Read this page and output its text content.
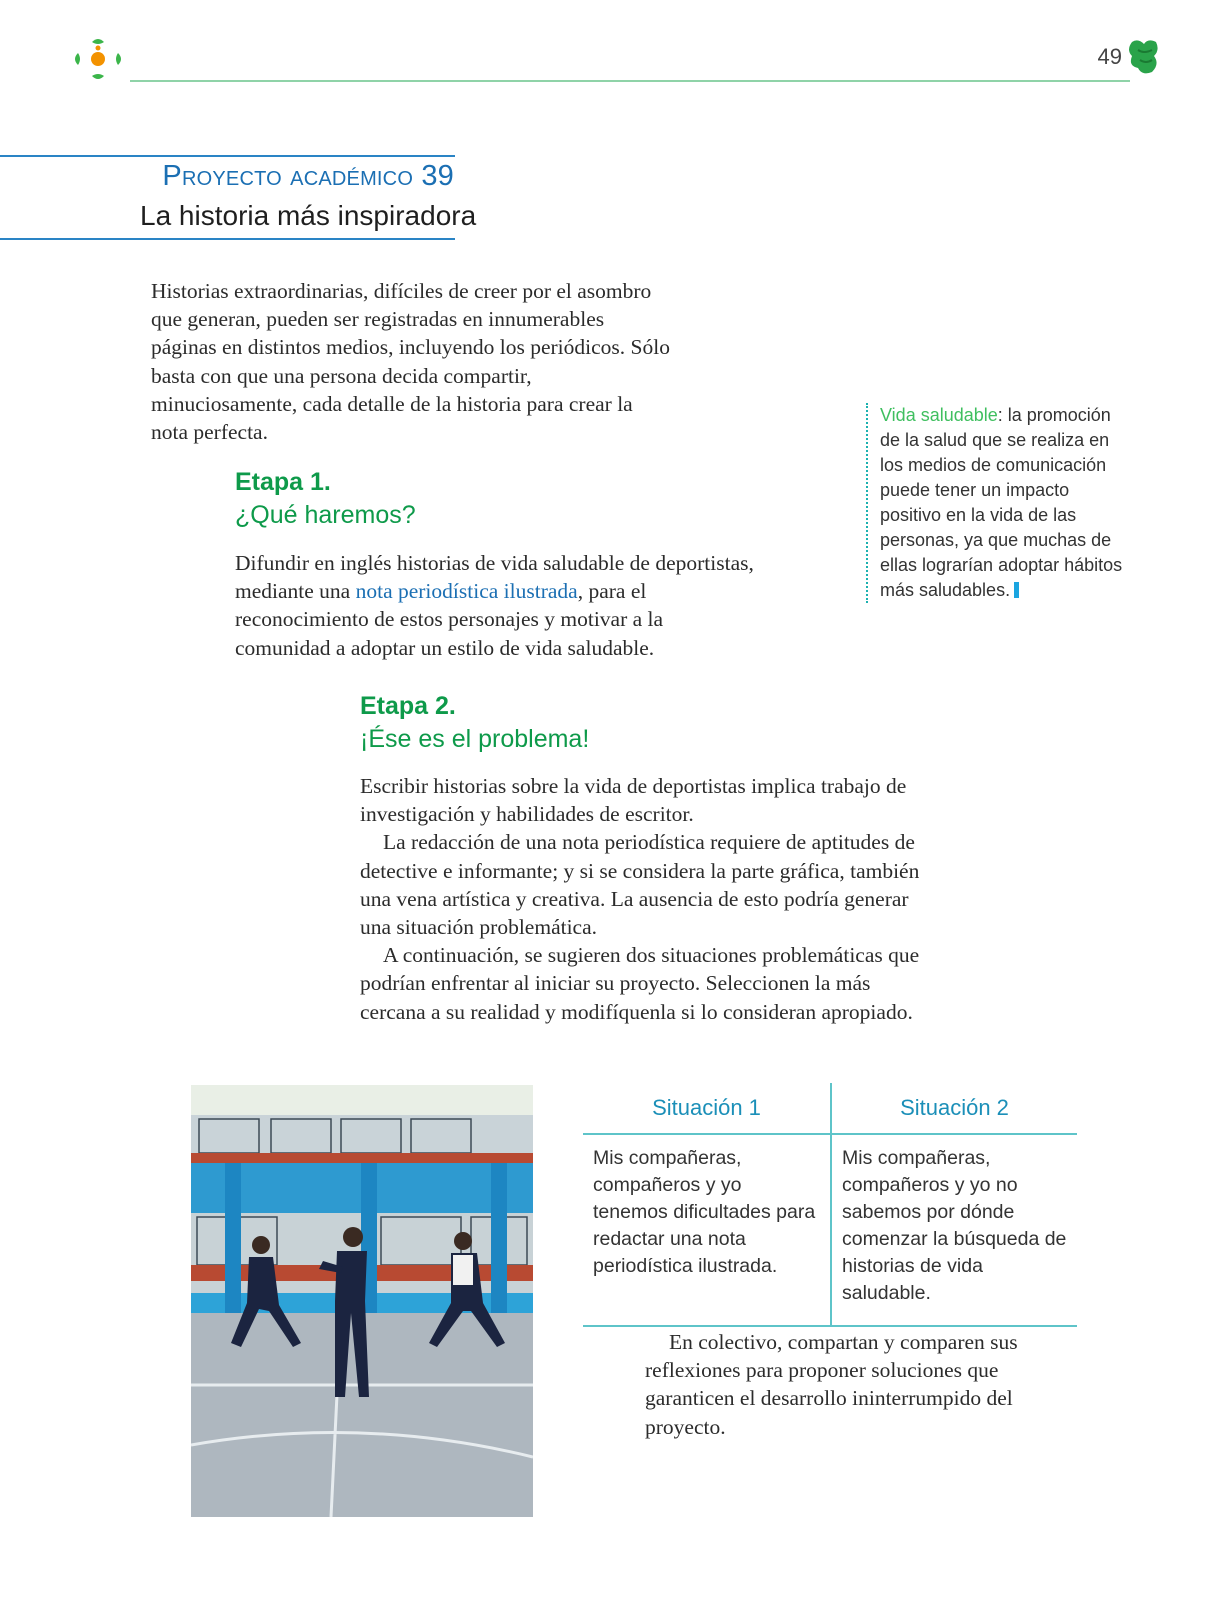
49
Proyecto académico 39
La historia más inspiradora
Historias extraordinarias, difíciles de creer por el asombro que generan, pueden ser registradas en innumerables páginas en distintos medios, incluyendo los periódicos. Sólo basta con que una persona decida compartir, minuciosamente, cada detalle de la historia para crear la nota perfecta.
Etapa 1.
¿Qué haremos?
Difundir en inglés historias de vida saludable de deportistas, mediante una nota periodística ilustrada, para el reconocimiento de estos personajes y motivar a la comunidad a adoptar un estilo de vida saludable.
Vida saludable: la promoción de la salud que se realiza en los medios de comunicación puede tener un impacto positivo en la vida de las personas, ya que muchas de ellas lograrían adoptar hábitos más saludables.
Etapa 2.
¡Ése es el problema!

Escribir historias sobre la vida de deportistas implica trabajo de investigación y habilidades de escritor.

La redacción de una nota periodística requiere de aptitudes de detective e informante; y si se considera la parte gráfica, también una vena artística y creativa. La ausencia de esto podría generar una situación problemática.

A continuación, se sugieren dos situaciones problemáticas que podrían enfrentar al iniciar su proyecto. Seleccionen la más cercana a su realidad y modifíquenla si lo consideran apropiado.

Situación 1	Situación 2
Mis compañeras, compañeros y yo tenemos dificultades para redactar una nota periodística ilustrada.	Mis compañeras, compañeros y yo no sabemos por dónde comenzar la búsqueda de historias de vida saludable.

En colectivo, compartan y comparen sus reflexiones para proponer soluciones que garanticen el desarrollo ininterrumpido del proyecto.
